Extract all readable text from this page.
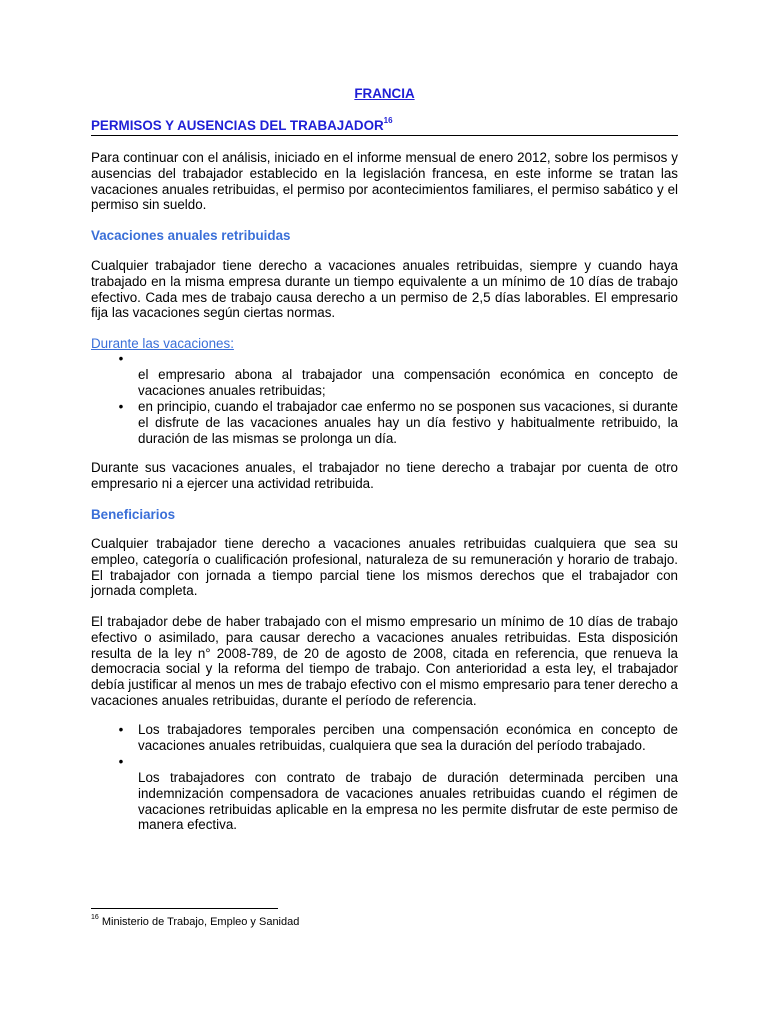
FRANCIA
PERMISOS Y AUSENCIAS DEL TRABAJADOR$^{16}$

Para continuar con el análisis, iniciado en el informe mensual de enero 2012, sobre los permisos y ausencias del trabajador establecido en la legislación francesa, en este informe se tratan las vacaciones anuales retribuidas, el permiso por acontecimientos familiares, el permiso sabático y el permiso sin sueldo.

Vacaciones anuales retribuidas

Cualquier trabajador tiene derecho a vacaciones anuales retribuidas, siempre y cuando haya trabajado en la misma empresa durante un tiempo equivalente a un mínimo de 10 días de trabajo efectivo. Cada mes de trabajo causa derecho a un permiso de 2,5 días laborables. El empresario fija las vacaciones según ciertas normas.

Durante las vacaciones:

•

el empresario abona al trabajador una compensación económica en concepto de vacaciones anuales retribuidas;

• en principio, cuando el trabajador cae enfermo no se posponen sus vacaciones, si durante el disfrute de las vacaciones anuales hay un día festivo y habitualmente retribuido, la duración de las mismas se prolonga un día.

Durante sus vacaciones anuales, el trabajador no tiene derecho a trabajar por cuenta de otro empresario ni a ejercer una actividad retribuida.

Beneficiarios

Cualquier trabajador tiene derecho a vacaciones anuales retribuidas cualquiera que sea su empleo, categoría o cualificación profesional, naturaleza de su remuneración y horario de trabajo. El trabajador con jornada a tiempo parcial tiene los mismos derechos que el trabajador con jornada completa.

El trabajador debe de haber trabajado con el mismo empresario un mínimo de 10 días de trabajo efectivo o asimilado, para causar derecho a vacaciones anuales retribuidas. Esta disposición resulta de la ley n° 2008-789, de 20 de agosto de 2008, citada en referencia, que renueva la democracia social y la reforma del tiempo de trabajo. Con anterioridad a esta ley, el trabajador debía justificar al menos un mes de trabajo efectivo con el mismo empresario para tener derecho a vacaciones anuales retribuidas, durante el período de referencia.

• Los trabajadores temporales perciben una compensación económica en concepto de vacaciones anuales retribuidas, cualquiera que sea la duración del período trabajado.

•

Los trabajadores con contrato de trabajo de duración determinada perciben una indemnización compensadora de vacaciones anuales retribuidas cuando el régimen de vacaciones retribuidas aplicable en la empresa no les permite disfrutar de este permiso de manera efectiva.

$^{16}$ Ministerio de Trabajo, Empleo y Sanidad
